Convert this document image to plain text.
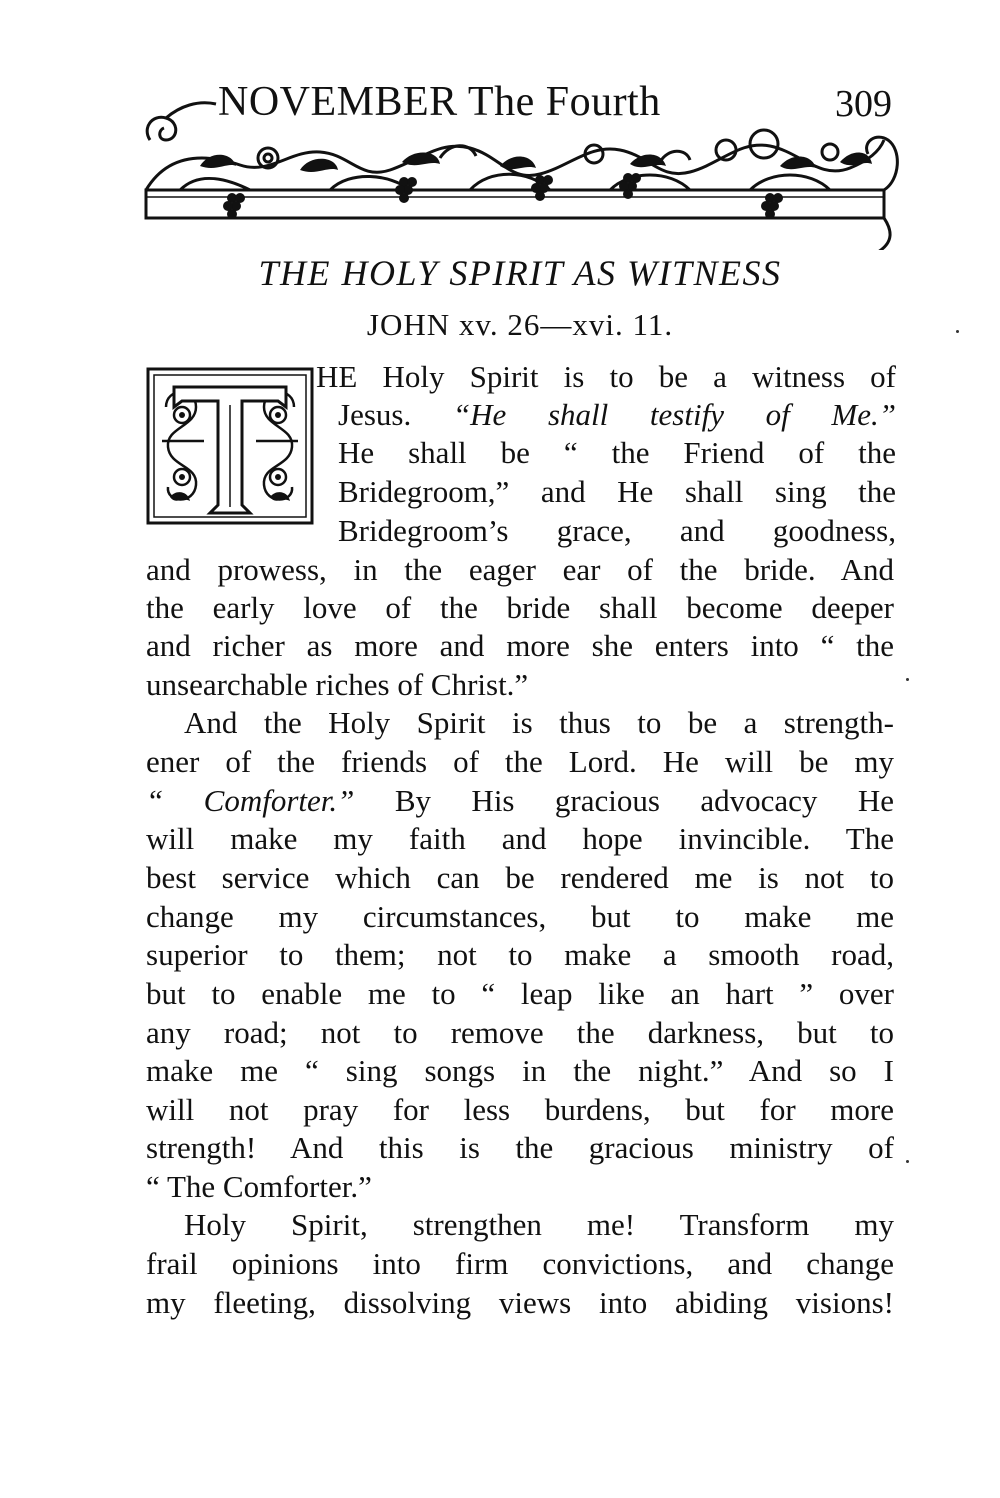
NOVEMBER The Fourth	309
THE HOLY SPIRIT AS WITNESS
JOHN xv. 26—xvi. 11.
HE Holy Spirit is to be a witness of
Jesus. “He shall testify of Me.”
He shall be “ the Friend of the
Bridegroom,” and He shall sing the
Bridegroom’s grace, and goodness,
and prowess, in the eager ear of the bride. And
the early love of the bride shall become deeper
and richer as more and more she enters into “ the
unsearchable riches of Christ.”
And the Holy Spirit is thus to be a strength-
ener of the friends of the Lord. He will be my
“ Comforter.” By His gracious advocacy He
will make my faith and hope invincible. The
best service which can be rendered me is not to
change my circumstances, but to make me
superior to them; not to make a smooth road,
but to enable me to “ leap like an hart ” over
any road; not to remove the darkness, but to
make me “ sing songs in the night.” And so I
will not pray for less burdens, but for more
strength! And this is the gracious ministry of
“ The Comforter.”
Holy Spirit, strengthen me! Transform my
frail opinions into firm convictions, and change
my fleeting, dissolving views into abiding visions!
